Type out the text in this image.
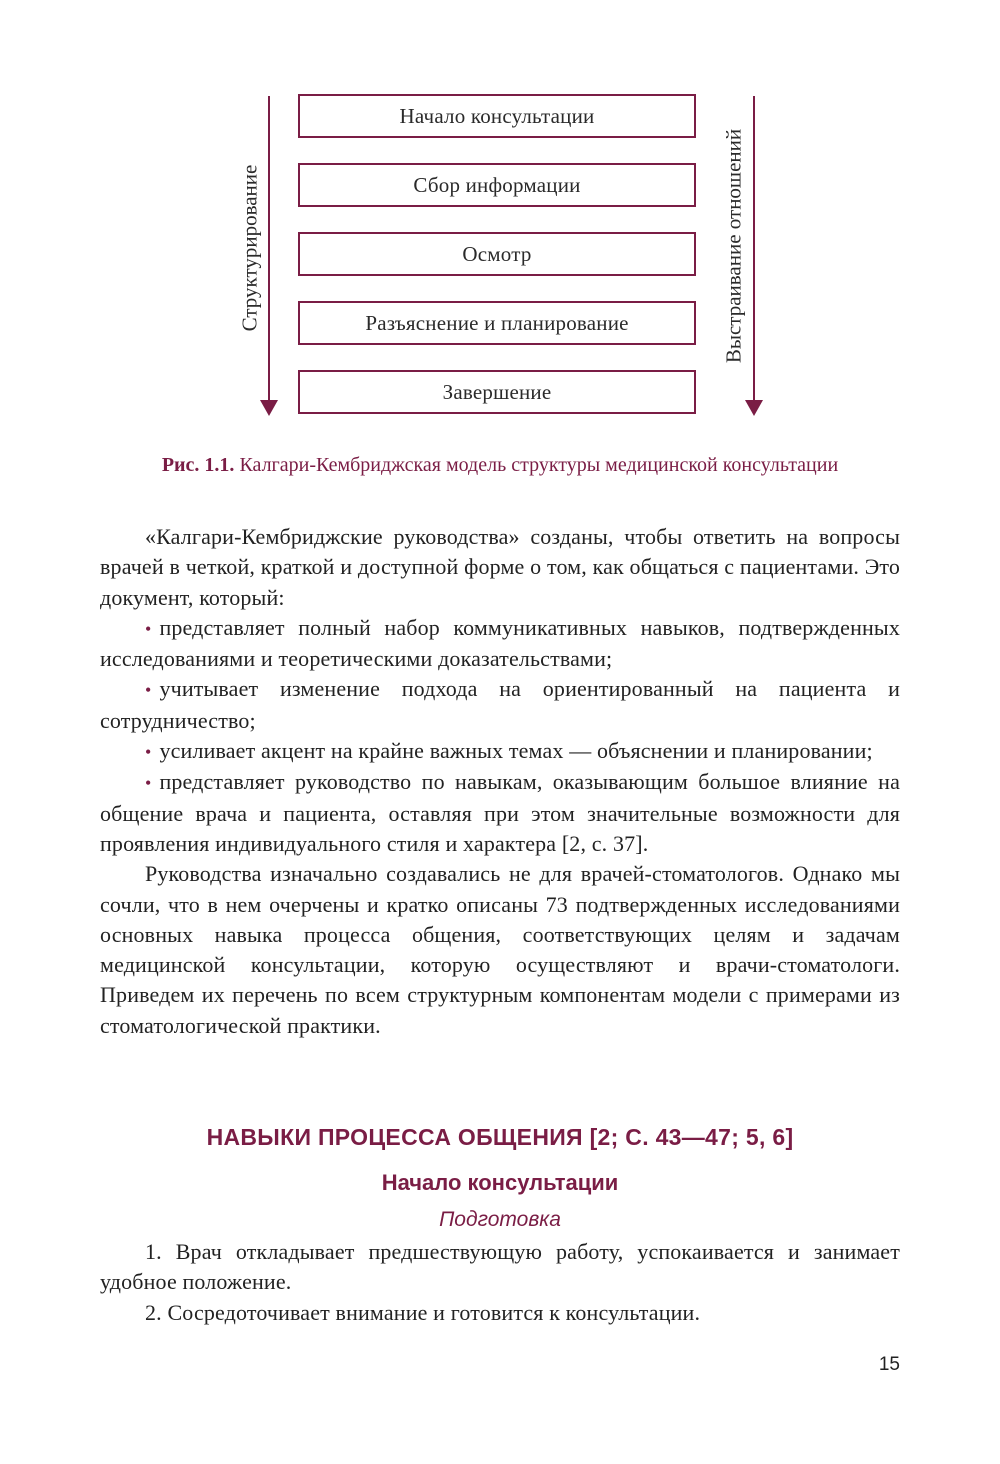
Начало консультации
Сбор информации
Осмотр
Разъяснение и планирование
Завершение
Структурирование	Выстраивание отношений
Рис. 1.1. Калгари-Кембриджская модель структуры медицинской консультации

«Калгари-Кембриджские руководства» созданы, чтобы ответить на вопросы врачей в четкой, краткой и доступной форме о том, как общаться с пациентами. Это документ, который:

• представляет полный набор коммуникативных навыков, подтвержденных исследованиями и теоретическими доказательствами;

• учитывает изменение подхода на ориентированный на пациента и сотрудничество;

• усиливает акцент на крайне важных темах — объяснении и планировании;

• представляет руководство по навыкам, оказывающим большое влияние на общение врача и пациента, оставляя при этом значительные возможности для проявления индивидуального стиля и характера [2, с. 37].

Руководства изначально создавались не для врачей-стоматологов. Однако мы сочли, что в нем очерчены и кратко описаны 73 подтвержденных исследованиями основных навыка процесса общения, соответствующих целям и задачам медицинской консультации, которую осуществляют и врачи-стоматологи. Приведем их перечень по всем структурным компонентам модели с примерами из стоматологической практики.

НАВЫКИ ПРОЦЕССА ОБЩЕНИЯ [2; С. 43—47; 5, 6]
Начало консультации
Подготовка

1. Врач откладывает предшествующую работу, успокаивается и занимает удобное положение.

2. Сосредоточивает внимание и готовится к консультации.

15
